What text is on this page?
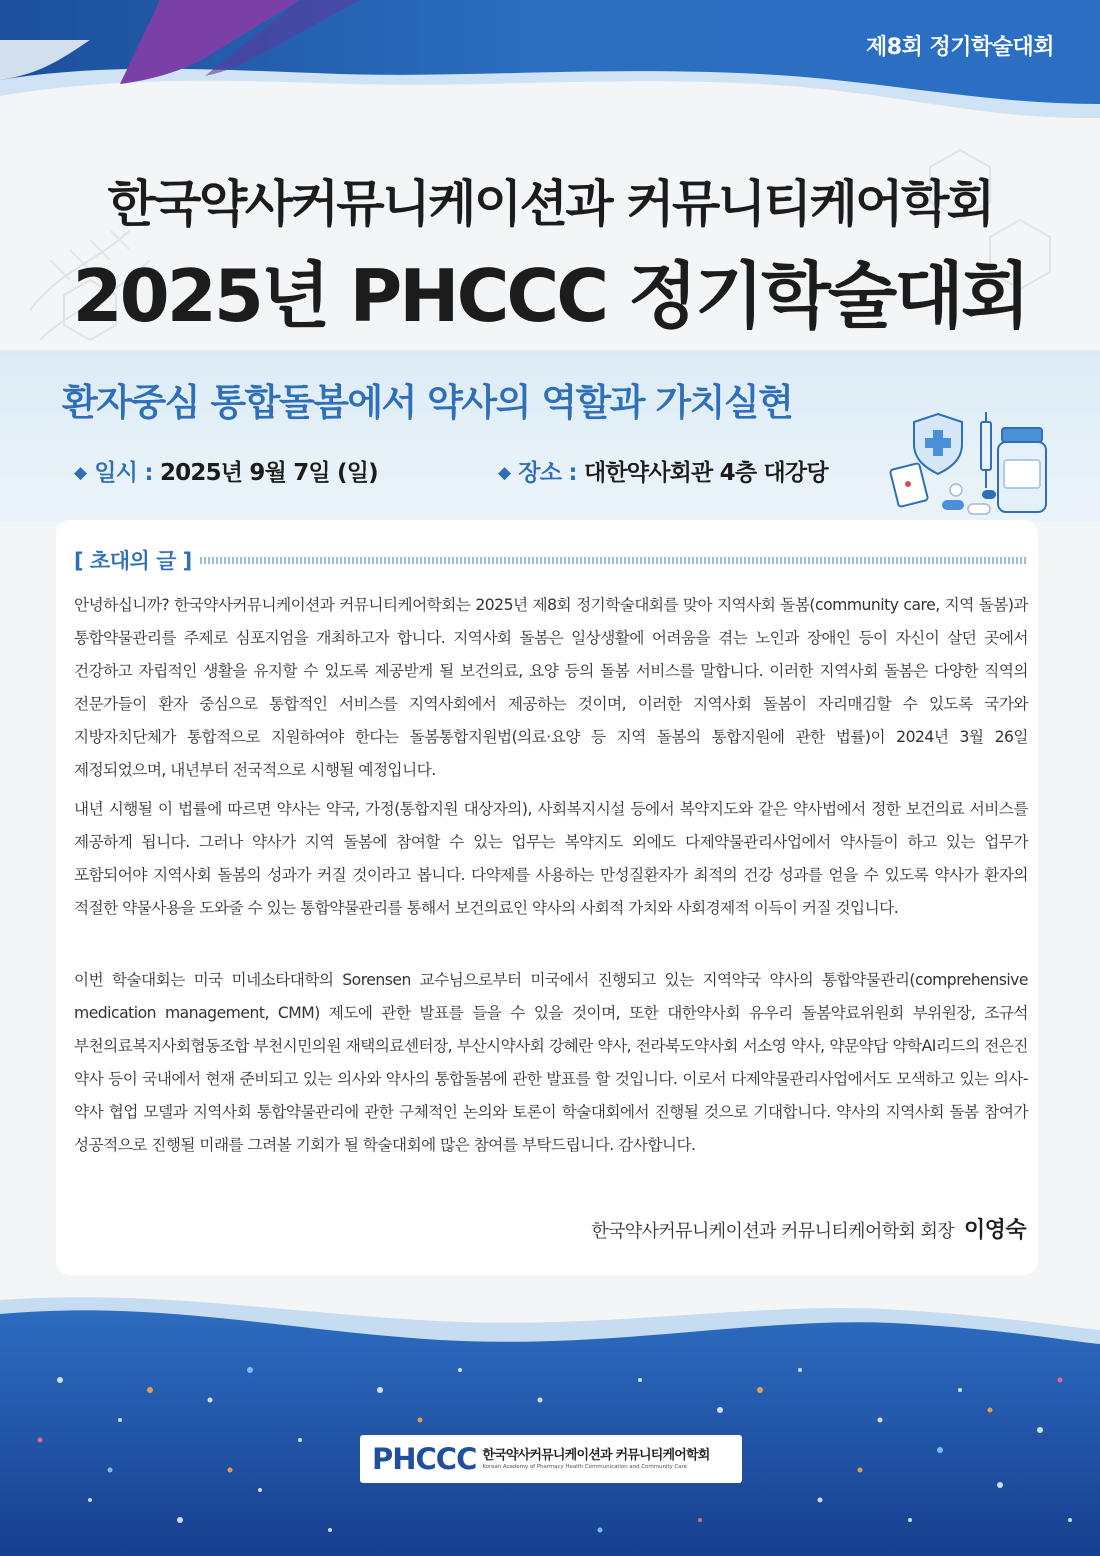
제8회 정기학술대회
한국약사커뮤니케이션과 커뮤니티케어학회
2025년 PHCCC 정기학술대회
환자중심 통합돌봄에서 약사의 역할과 가치실현
◆ 일시 : 2025년 9월 7일 (일)	◆ 장소 : 대한약사회관 4층 대강당
[ 초대의 글 ]

안녕하십니까? 한국약사커뮤니케이션과 커뮤니티케어학회는 2025년 제8회 정기학술대회를 맞아 지역사회 돌봄(community care, 지역 돌봄)과 통합약물관리를 주제로 심포지엄을 개최하고자 합니다. 지역사회 돌봄은 일상생활에 어려움을 겪는 노인과 장애인 등이 자신이 살던 곳에서 건강하고 자립적인 생활을 유지할 수 있도록 제공받게 될 보건의료, 요양 등의 돌봄 서비스를 말합니다. 이러한 지역사회 돌봄은 다양한 직역의 전문가들이 환자 중심으로 통합적인 서비스를 지역사회에서 제공하는 것이며, 이러한 지역사회 돌봄이 자리매김할 수 있도록 국가와 지방자치단체가 통합적으로 지원하여야 한다는 돌봄통합지원법(의료·요양 등 지역 돌봄의 통합지원에 관한 법률)이 2024년 3월 26일 제정되었으며, 내년부터 전국적으로 시행될 예정입니다.

내년 시행될 이 법률에 따르면 약사는 약국, 가정(통합지원 대상자의), 사회복지시설 등에서 복약지도와 같은 약사법에서 정한 보건의료 서비스를 제공하게 됩니다. 그러나 약사가 지역 돌봄에 참여할 수 있는 업무는 복약지도 외에도 다제약물관리사업에서 약사들이 하고 있는 업무가 포함되어야 지역사회 돌봄의 성과가 커질 것이라고 봅니다. 다약제를 사용하는 만성질환자가 최적의 건강 성과를 얻을 수 있도록 약사가 환자의 적절한 약물사용을 도와줄 수 있는 통합약물관리를 통해서 보건의료인 약사의 사회적 가치와 사회경제적 이득이 커질 것입니다.

이번 학술대회는 미국 미네소타대학의 Sorensen 교수님으로부터 미국에서 진행되고 있는 지역약국 약사의 통합약물관리(comprehensive medication management, CMM) 제도에 관한 발표를 들을 수 있을 것이며, 또한 대한약사회 유우리 돌봄약료위원회 부위원장, 조규석 부천의료복지사회협동조합 부천시민의원 재택의료센터장, 부산시약사회 강혜란 약사, 전라북도약사회 서소영 약사, 약문약답 약학AI리드의 전은진 약사 등이 국내에서 현재 준비되고 있는 의사와 약사의 통합돌봄에 관한 발표를 할 것입니다. 이로서 다제약물관리사업에서도 모색하고 있는 의사-약사 협업 모델과 지역사회 통합약물관리에 관한 구체적인 논의와 토론이 학술대회에서 진행될 것으로 기대합니다. 약사의 지역사회 돌봄 참여가 성공적으로 진행될 미래를 그려볼 기회가 될 학술대회에 많은 참여를 부탁드립니다. 감사합니다.

한국약사커뮤니케이션과 커뮤니티케어학회 회장 이영숙
PHCCC 한국약사커뮤니케이션과 커뮤니티케어학회
Korean Academy of Pharmacy Health Communication and Community Care
